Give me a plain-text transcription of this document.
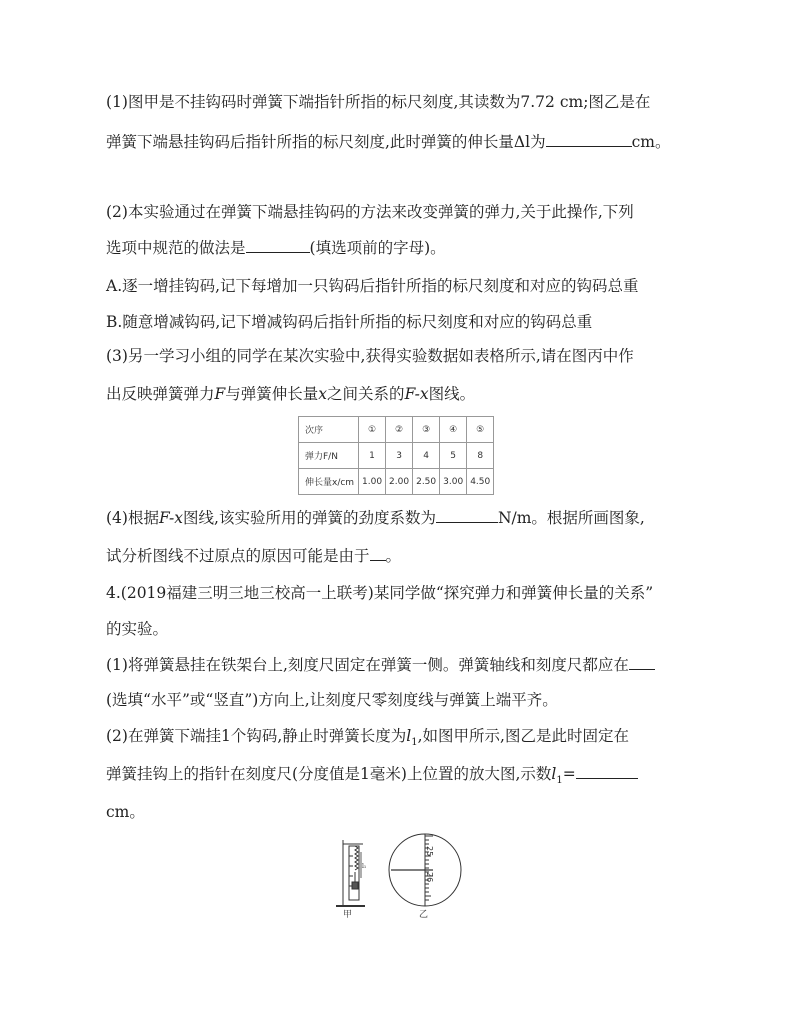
(1)图甲是不挂钩码时弹簧下端指针所指的标尺刻度,其读数为7.72 cm;图乙是在
弹簧下端悬挂钩码后指针所指的标尺刻度,此时弹簧的伸长量Δl为	cm。
(2)本实验通过在弹簧下端悬挂钩码的方法来改变弹簧的弹力,关于此操作,下列
选项中规范的做法是	(填选项前的字母)。
A.逐一增挂钩码,记下每增加一只钩码后指针所指的标尺刻度和对应的钩码总重
B.随意增减钩码,记下增减钩码后指针所指的标尺刻度和对应的钩码总重
(3)另一学习小组的同学在某次实验中,获得实验数据如表格所示,请在图丙中作
出反映弹簧弹力F与弹簧伸长量x之间关系的F-x图线。
次序	①	②	③	④	⑤
弹力F/N	1	3	4	5	8
伸长量x/cm	1.00	2.00	2.50	3.00	4.50
(4)根据F-x图线,该实验所用的弹簧的劲度系数为	N/m。根据所画图象,
试分析图线不过原点的原因可能是由于 。
4.(2019福建三明三地三校高一上联考)某同学做“探究弹力和弹簧伸长量的关系”
的实验。
(1)将弹簧悬挂在铁架台上,刻度尺固定在弹簧一侧。弹簧轴线和刻度尺都应在
(选填“水平”或“竖直”)方向上,让刻度尺零刻度线与弹簧上端平齐。
(2)在弹簧下端挂1个钩码,静止时弹簧长度为$l_1$,如图甲所示,图乙是此时固定在
弹簧挂钩上的指针在刻度尺(分度值是1毫米)上位置的放大图,示数$l_1=$
cm。
25
26
l₁
甲	乙
